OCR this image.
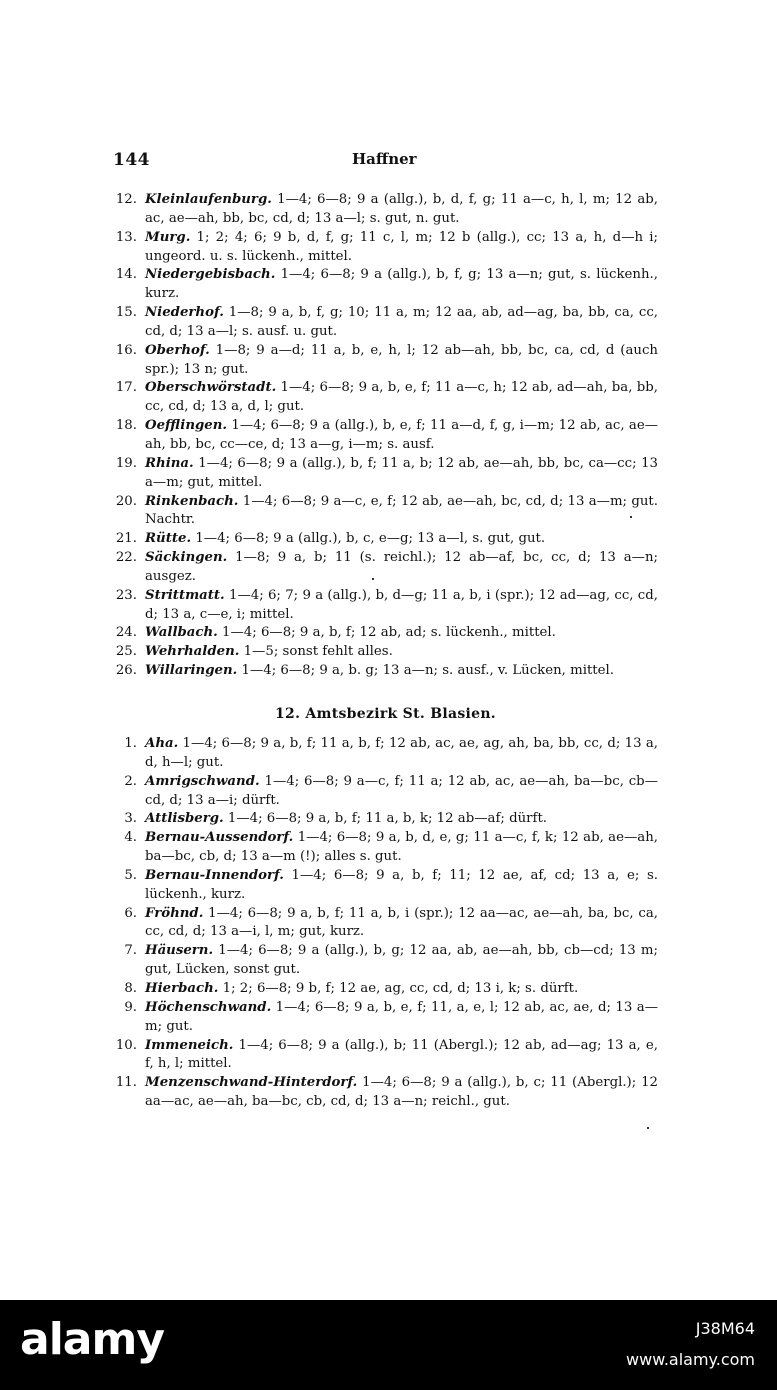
144	Haffner
12. Kleinlaufenburg. 1—4; 6—8; 9 a (allg.), b, d, f, g; 11 a—c, h, l, m; 12 ab, ac, ae—ah, bb, bc, cd, d; 13 a—l; s. gut, n. gut.
13. Murg. 1; 2; 4; 6; 9 b, d, f, g; 11 c, l, m; 12 b (allg.), cc; 13 a, h, d—h i; ungeord. u. s. lückenh., mittel.
14. Niedergebisbach. 1—4; 6—8; 9 a (allg.), b, f, g; 13 a—n; gut, s. lückenh., kurz.
15. Niederhof. 1—8; 9 a, b, f, g; 10; 11 a, m; 12 aa, ab, ad—ag, ba, bb, ca, cc, cd, d; 13 a—l; s. ausf. u. gut.
16. Oberhof. 1—8; 9 a—d; 11 a, b, e, h, l; 12 ab—ah, bb, bc, ca, cd, d (auch spr.); 13 n; gut.
17. Oberschwörstadt. 1—4; 6—8; 9 a, b, e, f; 11 a—c, h; 12 ab, ad—ah, ba, bb, cc, cd, d; 13 a, d, l; gut.
18. Oefflingen. 1—4; 6—8; 9 a (allg.), b, e, f; 11 a—d, f, g, i—m; 12 ab, ac, ae—ah, bb, bc, cc—ce, d; 13 a—g, i—m; s. ausf.
19. Rhina. 1—4; 6—8; 9 a (allg.), b, f; 11 a, b; 12 ab, ae—ah, bb, bc, ca—cc; 13 a—m; gut, mittel.
20. Rinkenbach. 1—4; 6—8; 9 a—c, e, f; 12 ab, ae—ah, bc, cd, d; 13 a—m; gut. Nachtr.
21. Rütte. 1—4; 6—8; 9 a (allg.), b, c, e—g; 13 a—l, s. gut, gut.
22. Säckingen. 1—8; 9 a, b; 11 (s. reichl.); 12 ab—af, bc, cc, d; 13 a—n; ausgez.
23. Strittmatt. 1—4; 6; 7; 9 a (allg.), b, d—g; 11 a, b, i (spr.); 12 ad—ag, cc, cd, d; 13 a, c—e, i; mittel.
24. Wallbach. 1—4; 6—8; 9 a, b, f; 12 ab, ad; s. lückenh., mittel.
25. Wehrhalden. 1—5; sonst fehlt alles.
26. Willaringen. 1—4; 6—8; 9 a, b. g; 13 a—n; s. ausf., v. Lücken, mittel.
12. Amtsbezirk St. Blasien.
1. Aha. 1—4; 6—8; 9 a, b, f; 11 a, b, f; 12 ab, ac, ae, ag, ah, ba, bb, cc, d; 13 a, d, h—l; gut.
2. Amrigschwand. 1—4; 6—8; 9 a—c, f; 11 a; 12 ab, ac, ae—ah, ba—bc, cb—cd, d; 13 a—i; dürft.
3. Attlisberg. 1—4; 6—8; 9 a, b, f; 11 a, b, k; 12 ab—af; dürft.
4. Bernau-Aussendorf. 1—4; 6—8; 9 a, b, d, e, g; 11 a—c, f, k; 12 ab, ae—ah, ba—bc, cb, d; 13 a—m (!); alles s. gut.
5. Bernau-Innendorf. 1—4; 6—8; 9 a, b, f; 11; 12 ae, af, cd; 13 a, e; s. lückenh., kurz.
6. Fröhnd. 1—4; 6—8; 9 a, b, f; 11 a, b, i (spr.); 12 aa—ac, ae—ah, ba, bc, ca, cc, cd, d; 13 a—i, l, m; gut, kurz.
7. Häusern. 1—4; 6—8; 9 a (allg.), b, g; 12 aa, ab, ae—ah, bb, cb—cd; 13 m; gut, Lücken, sonst gut.
8. Hierbach. 1; 2; 6—8; 9 b, f; 12 ae, ag, cc, cd, d; 13 i, k; s. dürft.
9. Höchenschwand. 1—4; 6—8; 9 a, b, e, f; 11, a, e, l; 12 ab, ac, ae, d; 13 a—m; gut.
10. Immeneich. 1—4; 6—8; 9 a (allg.), b; 11 (Abergl.); 12 ab, ad—ag; 13 a, e, f, h, l; mittel.
11. Menzenschwand-Hinterdorf. 1—4; 6—8; 9 a (allg.), b, c; 11 (Abergl.); 12 aa—ac, ae—ah, ba—bc, cb, cd, d; 13 a—n; reichl., gut.
alamy	J38M64
www.alamy.com
